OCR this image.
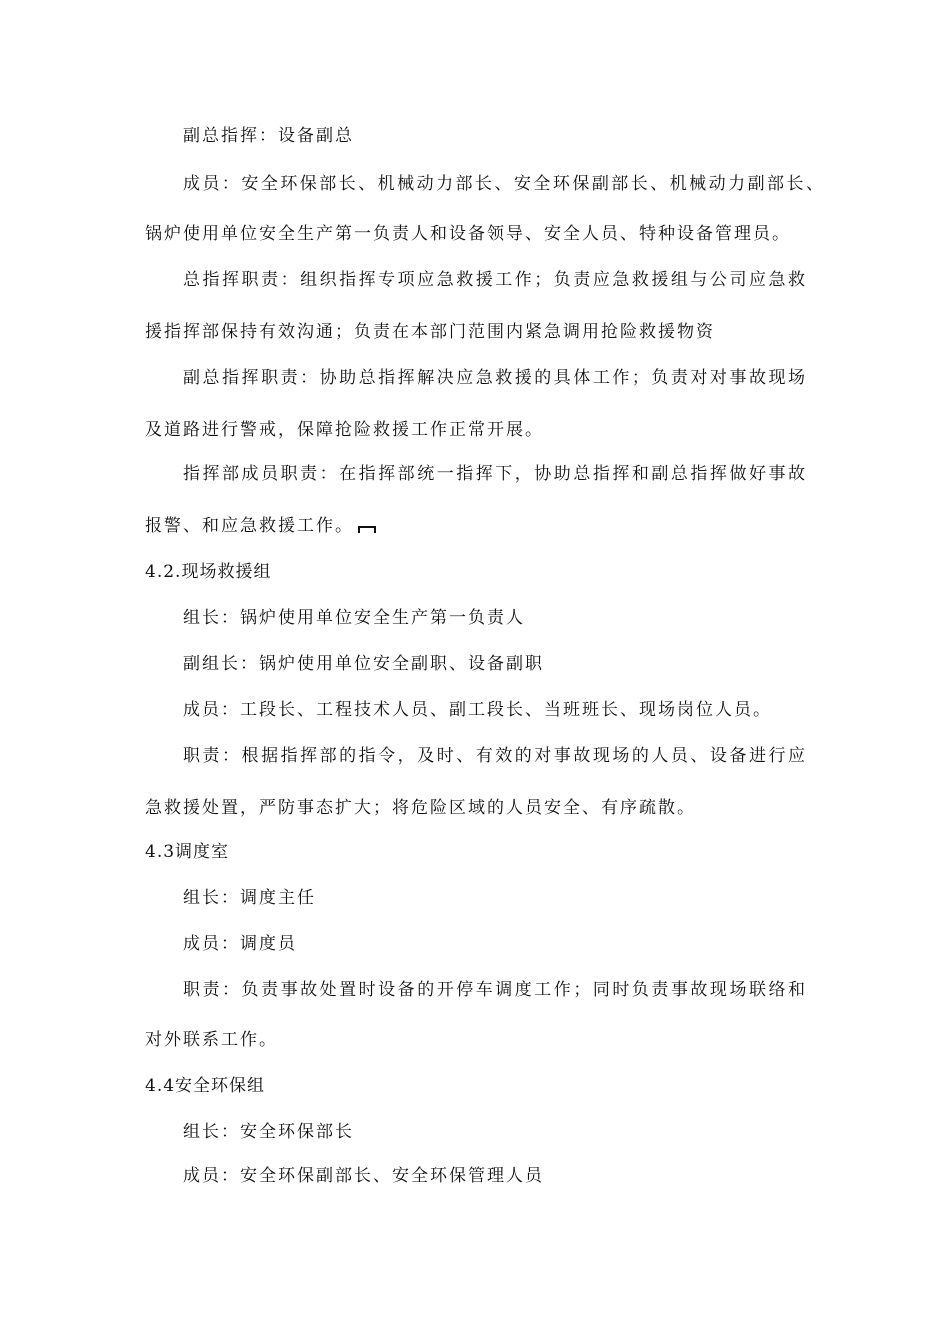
副总指挥：设备副总
成员：安全环保部长、机械动力部长、安全环保副部长、机械动力副部长、
锅炉使用单位安全生产第一负责人和设备领导、安全人员、特种设备管理员。
总指挥职责：组织指挥专项应急救援工作；负责应急救援组与公司应急救
援指挥部保持有效沟通；负责在本部门范围内紧急调用抢险救援物资
副总指挥职责：协助总指挥解决应急救援的具体工作；负责对对事故现场
及道路进行警戒，保障抢险救援工作正常开展。
指挥部成员职责：在指挥部统一指挥下，协助总指挥和副总指挥做好事故
报警、和应急救援工作。
4.2.现场救援组
组长：锅炉使用单位安全生产第一负责人
副组长：锅炉使用单位安全副职、设备副职
成员：工段长、工程技术人员、副工段长、当班班长、现场岗位人员。
职责：根据指挥部的指令，及时、有效的对事故现场的人员、设备进行应
急救援处置，严防事态扩大；将危险区域的人员安全、有序疏散。
4.3调度室
组长：调度主任
成员：调度员
职责：负责事故处置时设备的开停车调度工作；同时负责事故现场联络和
对外联系工作。
4.4安全环保组
组长：安全环保部长
成员：安全环保副部长、安全环保管理人员
